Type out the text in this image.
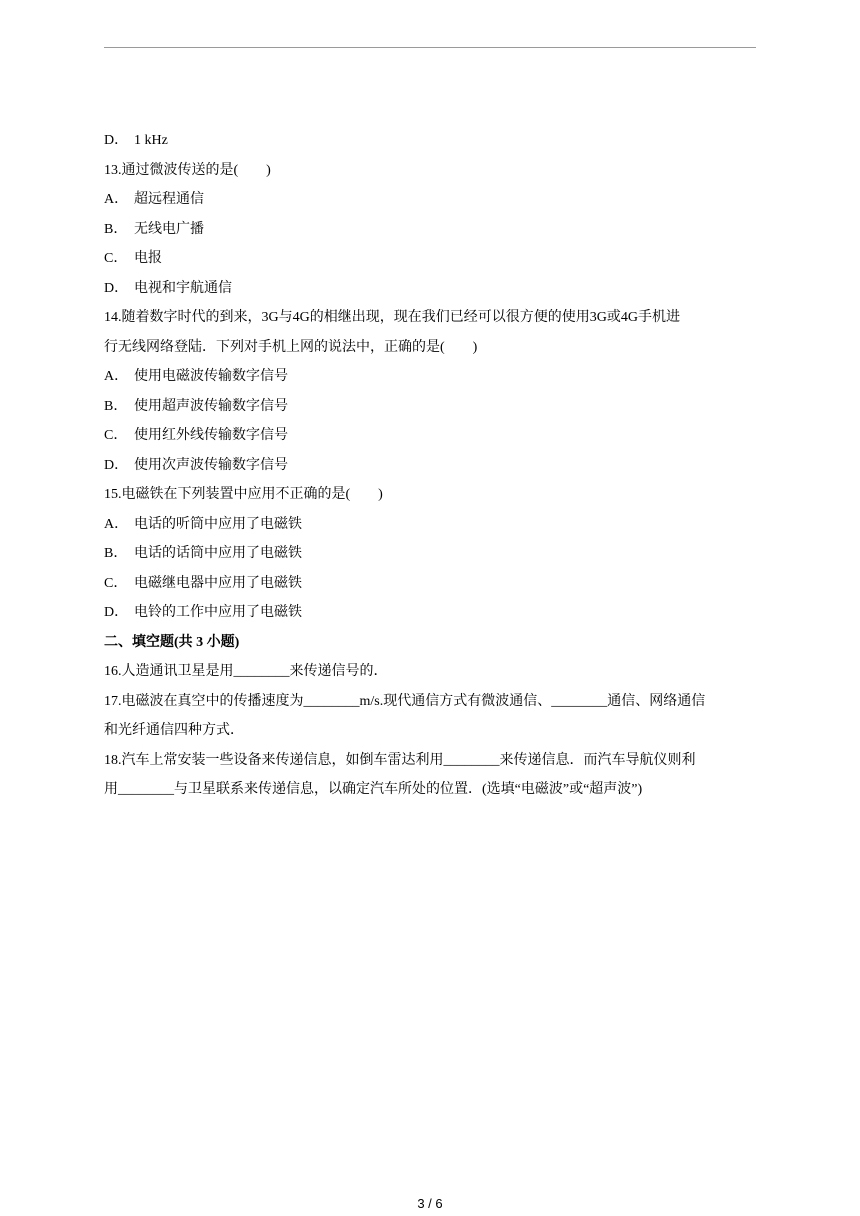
D． 1 kHz
13.通过微波传送的是(　　)
A． 超远程通信
B． 无线电广播
C． 电报
D． 电视和宇航通信
14.随着数字时代的到来，3G与4G的相继出现，现在我们已经可以很方便的使用3G或4G手机进
行无线网络登陆．下列对手机上网的说法中，正确的是(　　)
A． 使用电磁波传输数字信号
B． 使用超声波传输数字信号
C． 使用红外线传输数字信号
D． 使用次声波传输数字信号
15.电磁铁在下列装置中应用不正确的是(　　)
A． 电话的听筒中应用了电磁铁
B． 电话的话筒中应用了电磁铁
C． 电磁继电器中应用了电磁铁
D． 电铃的工作中应用了电磁铁
二、填空题(共 3 小题)
16.人造通讯卫星是用________来传递信号的．
17.电磁波在真空中的传播速度为________m/s.现代通信方式有微波通信、________通信、网络通信
和光纤通信四种方式．
18.汽车上常安装一些设备来传递信息，如倒车雷达利用________来传递信息．而汽车导航仪则利
用________与卫星联系来传递信息，以确定汽车所处的位置．(选填“电磁波”或“超声波”)
3 / 6
